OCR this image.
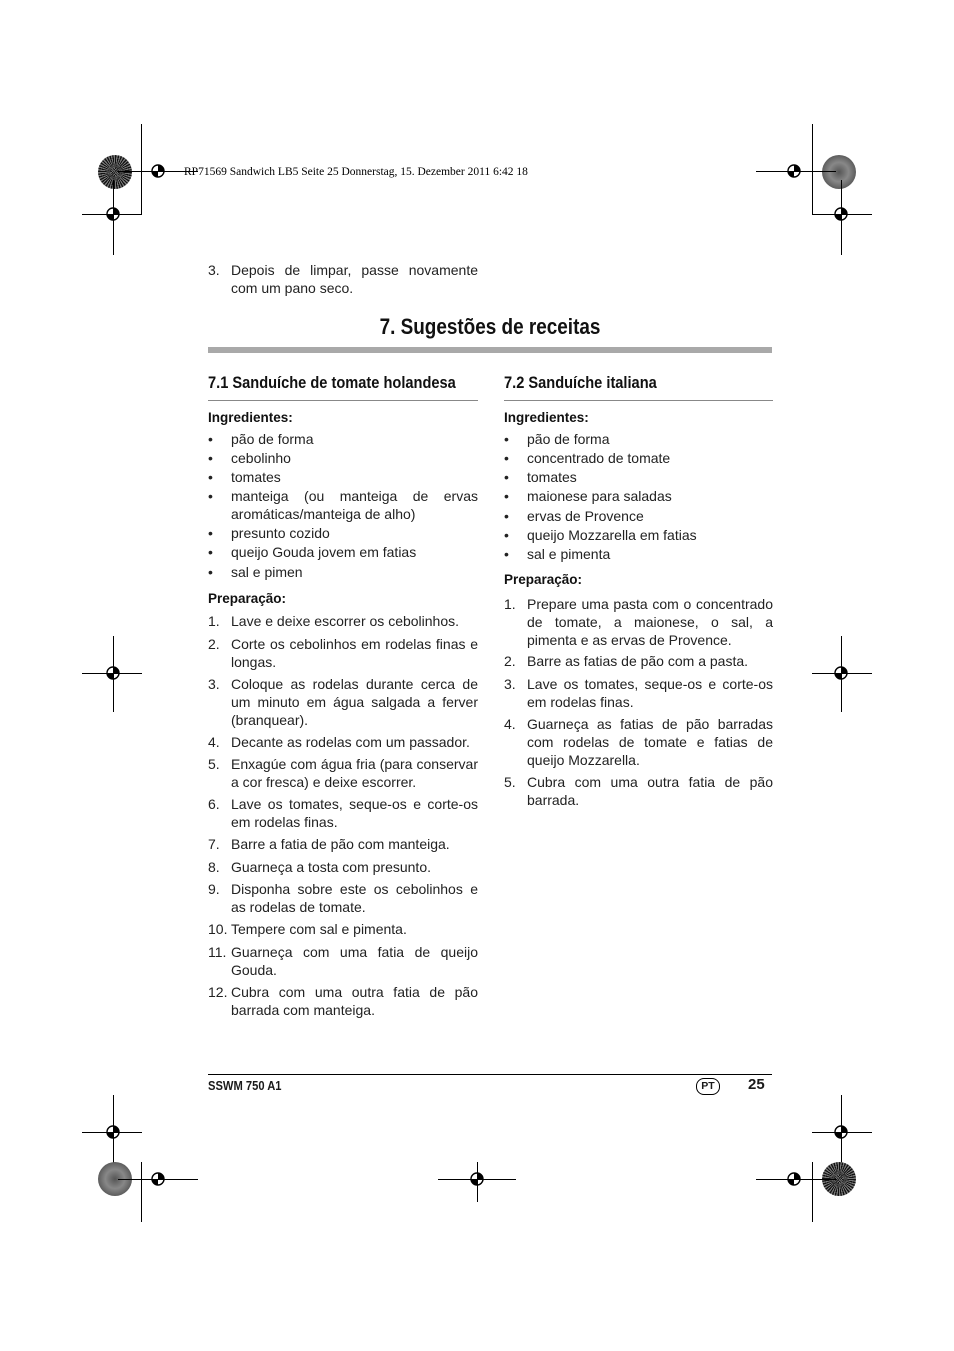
RP71569 Sandwich LB5 Seite 25 Donnerstag, 15. Dezember 2011 6:42 18
3. Depois de limpar, passe novamente com um pano seco.
7. Sugestões de receitas
7.1 Sanduíche de tomate holandesa
Ingredientes:
• pão de forma
• cebolinho
• tomates
• manteiga (ou manteiga de ervas aromáticas/manteiga de alho)
• presunto cozido
• queijo Gouda jovem em fatias
• sal e pimen
Preparação:
1. Lave e deixe escorrer os cebolinhos.
2. Corte os cebolinhos em rodelas finas e longas.
3. Coloque as rodelas durante cerca de um minuto em água salgada a ferver (branquear).
4. Decante as rodelas com um passador.
5. Enxagúe com água fria (para conservar a cor fresca) e deixe escorrer.
6. Lave os tomates, seque-os e corte-os em rodelas finas.
7. Barre a fatia de pão com manteiga.
8. Guarneça a tosta com presunto.
9. Disponha sobre este os cebolinhos e as rodelas de tomate.
10. Tempere com sal e pimenta.
11. Guarneça com uma fatia de queijo Gouda.
12. Cubra com uma outra fatia de pão barrada com manteiga.
7.2 Sanduíche italiana
Ingredientes:
• pão de forma
• concentrado de tomate
• tomates
• maionese para saladas
• ervas de Provence
• queijo Mozzarella em fatias
• sal e pimenta
Preparação:
1. Prepare uma pasta com o concentrado de tomate, a maionese, o sal, a pimenta e as ervas de Provence.
2. Barre as fatias de pão com a pasta.
3. Lave os tomates, seque-os e corte-os em rodelas finas.
4. Guarneça as fatias de pão barradas com rodelas de tomate e fatias de queijo Mozzarella.
5. Cubra com uma outra fatia de pão barrada.
SSWM 750 A1	PT	25
